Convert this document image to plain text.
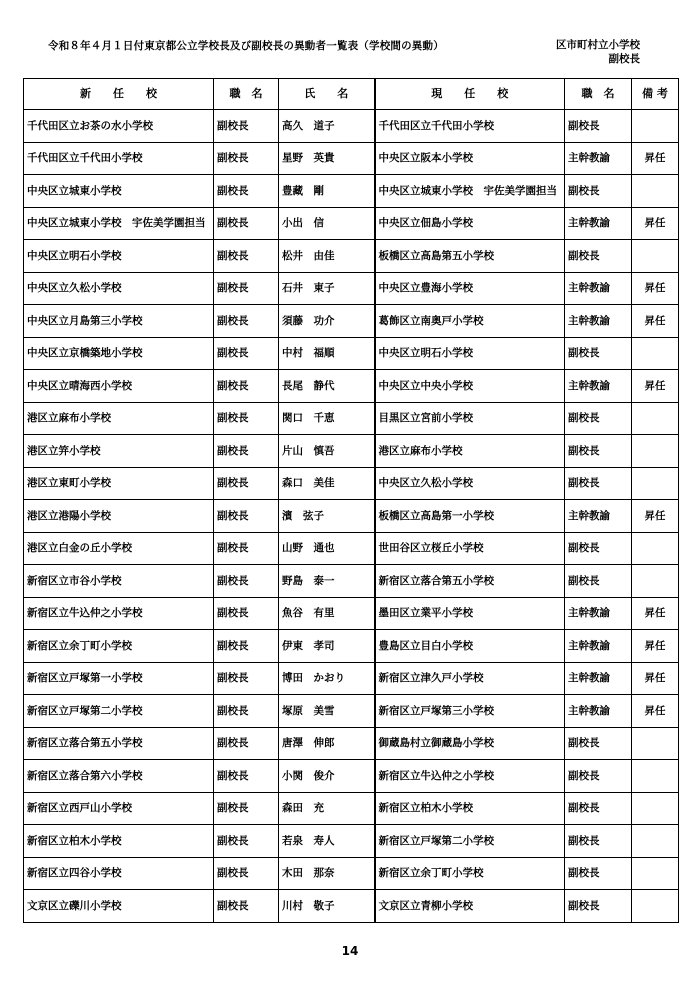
令和８年４月１日付東京都公立学校長及び副校長の異動者一覧表（学校間の異動）	区市町村立小学校
副校長
新　　任　　校	職　名	氏　　名	現　　任　　校	職　名	備 考
千代田区立お茶の水小学校	副校長	高久　道子	千代田区立千代田小学校	副校長	
千代田区立千代田小学校	副校長	星野　英貴	中央区立阪本小学校	主幹教諭	昇任
中央区立城東小学校	副校長	豊藏　剛	中央区立城東小学校　宇佐美学園担当	副校長	
中央区立城東小学校　宇佐美学園担当	副校長	小出　信	中央区立佃島小学校	主幹教諭	昇任
中央区立明石小学校	副校長	松井　由佳	板橋区立高島第五小学校	副校長	
中央区立久松小学校	副校長	石井　東子	中央区立豊海小学校	主幹教諭	昇任
中央区立月島第三小学校	副校長	須藤　功介	葛飾区立南奥戸小学校	主幹教諭	昇任
中央区立京橋築地小学校	副校長	中村　福順	中央区立明石小学校	副校長	
中央区立晴海西小学校	副校長	長尾　静代	中央区立中央小学校	主幹教諭	昇任
港区立麻布小学校	副校長	関口　千恵	目黒区立宮前小学校	副校長	
港区立笄小学校	副校長	片山　慎吾	港区立麻布小学校	副校長	
港区立東町小学校	副校長	森口　美佳	中央区立久松小学校	副校長	
港区立港陽小学校	副校長	濱　弦子	板橋区立高島第一小学校	主幹教諭	昇任
港区立白金の丘小学校	副校長	山野　通也	世田谷区立桜丘小学校	副校長	
新宿区立市谷小学校	副校長	野島　泰一	新宿区立落合第五小学校	副校長	
新宿区立牛込仲之小学校	副校長	魚谷　有里	墨田区立業平小学校	主幹教諭	昇任
新宿区立余丁町小学校	副校長	伊東　孝司	豊島区立目白小学校	主幹教諭	昇任
新宿区立戸塚第一小学校	副校長	博田　かおり	新宿区立津久戸小学校	主幹教諭	昇任
新宿区立戸塚第二小学校	副校長	塚原　美雪	新宿区立戸塚第三小学校	主幹教諭	昇任
新宿区立落合第五小学校	副校長	唐澤　伸郎	御蔵島村立御蔵島小学校	副校長	
新宿区立落合第六小学校	副校長	小関　俊介	新宿区立牛込仲之小学校	副校長	
新宿区立西戸山小学校	副校長	森田　充	新宿区立柏木小学校	副校長	
新宿区立柏木小学校	副校長	若泉　寿人	新宿区立戸塚第二小学校	副校長	
新宿区立四谷小学校	副校長	木田　那奈	新宿区立余丁町小学校	副校長	
文京区立礫川小学校	副校長	川村　敬子	文京区立青柳小学校	副校長	
14
